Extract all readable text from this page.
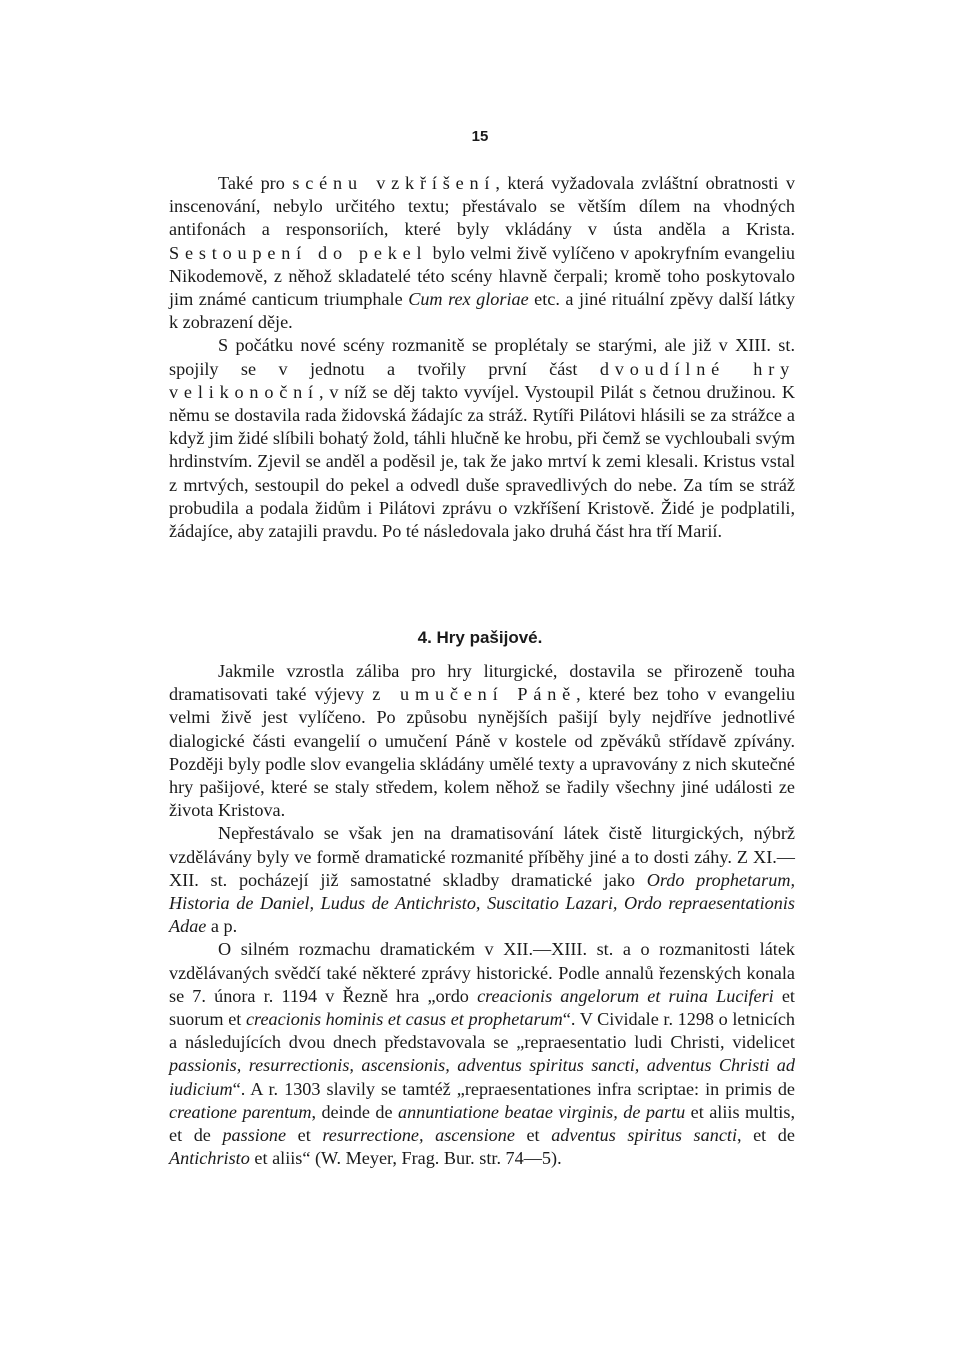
15

Také pro scénu vzkříšení, která vyžadovala zvláštní obratnosti v inscenování, nebylo určitého textu; přestávalo se větším dílem na vhodných antifonách a responsoriích, které byly vkládány v ústa anděla a Krista. Sestoupení do pekel bylo velmi živě vylíčeno v apokryfním evangeliu Nikodemově, z něhož skladatelé této scény hlavně čerpali; kromě toho poskytovalo jim známé canticum triumphale Cum rex gloriae etc. a jiné rituální zpěvy další látky k zobrazení děje.

S počátku nové scény rozmanitě se proplétaly se starými, ale již v XIII. st. spojily se v jednotu a tvořily první část dvoudílné hry velikonoční, v níž se děj takto vyvíjel. Vystoupil Pilát s četnou družinou. K němu se dostavila rada židovská žádajíc za stráž. Rytíři Pilátovi hlásili se za strážce a když jim židé slíbili bohatý žold, táhli hlučně ke hrobu, při čemž se vychloubali svým hrdinstvím. Zjevil se anděl a poděsil je, tak že jako mrtví k zemi klesali. Kristus vstal z mrtvých, sestoupil do pekel a odvedl duše spravedlivých do nebe. Za tím se stráž probudila a podala židům i Pilátovi zprávu o vzkříšení Kristově. Židé je podplatili, žádajíce, aby zatajili pravdu. Po té následovala jako druhá část hra tří Marií.

4. Hry pašijové.

Jakmile vzrostla záliba pro hry liturgické, dostavila se přirozeně touha dramatisovati také výjevy z umučení Páně, které bez toho v evangeliu velmi živě jest vylíčeno. Po způsobu nynějších pašijí byly nejdříve jednotlivé dialogické části evangelií o umučení Páně v kostele od zpěváků střídavě zpívány. Později byly podle slov evangelia skládány umělé texty a upravovány z nich skutečné hry pašijové, které se staly středem, kolem něhož se řadily všechny jiné události ze života Kristova.

Nepřestávalo se však jen na dramatisování látek čistě liturgických, nýbrž vzdělávány byly ve formě dramatické rozmanité příběhy jiné a to dosti záhy. Z XI.—XII. st. pocházejí již samostatné skladby dramatické jako Ordo prophetarum, Historia de Daniel, Ludus de Antichristo, Suscitatio Lazari, Ordo repraesentationis Adae a p.

O silném rozmachu dramatickém v XII.—XIII. st. a o rozmanitosti látek vzdělávaných svědčí také některé zprávy historické. Podle annalů řezenských konala se 7. února r. 1194 v Řezně hra „ordo creacionis angelorum et ruina Luciferi et suorum et creacionis hominis et casus et prophetarum“. V Cividale r. 1298 o letnicích a následujících dvou dnech představovala se „repraesentatio ludi Christi, videlicet passionis, resurrectionis, ascensionis, adventus spiritus sancti, adventus Christi ad iudicium“. A r. 1303 slavily se tamtéž „repraesentationes infra scriptae: in primis de creatione parentum, deinde de annuntiatione beatae virginis, de partu et aliis multis, et de passione et resurrectione, ascensione et adventus spiritus sancti, et de Antichristo et aliis“ (W. Meyer, Frag. Bur. str. 74—5).
